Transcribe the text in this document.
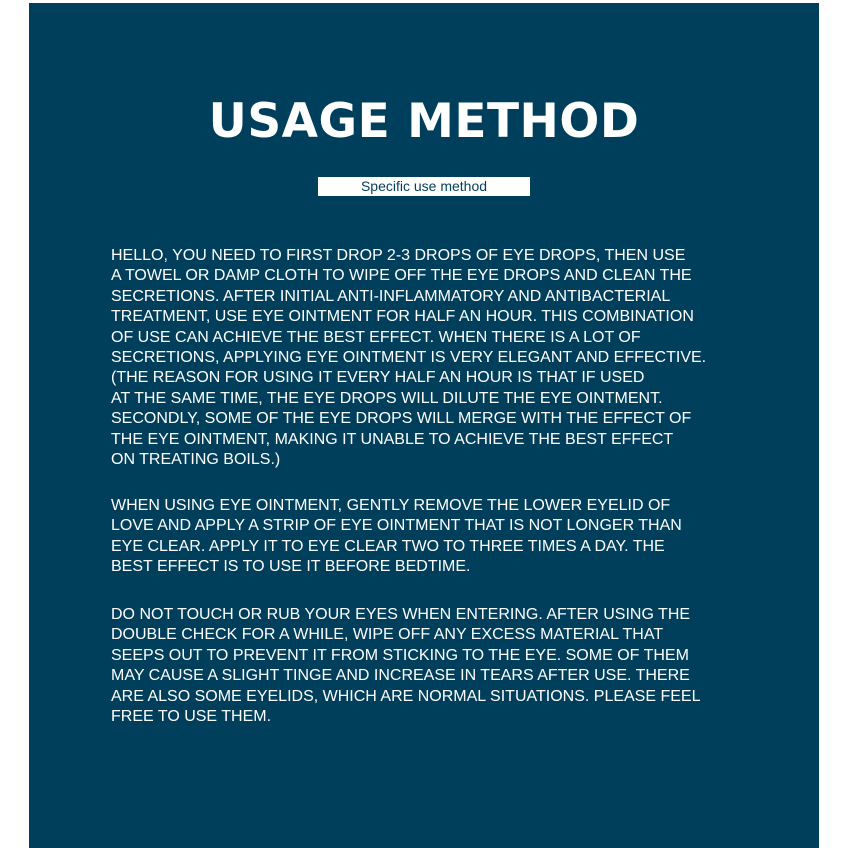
USAGE METHOD
Specific use method
HELLO, YOU NEED TO FIRST DROP 2-3 DROPS OF EYE DROPS, THEN USE
A TOWEL OR DAMP CLOTH TO WIPE OFF THE EYE DROPS AND CLEAN THE
SECRETIONS. AFTER INITIAL ANTI-INFLAMMATORY AND ANTIBACTERIAL
TREATMENT, USE EYE OINTMENT FOR HALF AN HOUR. THIS COMBINATION
OF USE CAN ACHIEVE THE BEST EFFECT. WHEN THERE IS A LOT OF
SECRETIONS, APPLYING EYE OINTMENT IS VERY ELEGANT AND EFFECTIVE.
(THE REASON FOR USING IT EVERY HALF AN HOUR IS THAT IF USED
AT THE SAME TIME, THE EYE DROPS WILL DILUTE THE EYE OINTMENT.
SECONDLY, SOME OF THE EYE DROPS WILL MERGE WITH THE EFFECT OF
THE EYE OINTMENT, MAKING IT UNABLE TO ACHIEVE THE BEST EFFECT
ON TREATING BOILS.)
WHEN USING EYE OINTMENT, GENTLY REMOVE THE LOWER EYELID OF
LOVE AND APPLY A STRIP OF EYE OINTMENT THAT IS NOT LONGER THAN
EYE CLEAR. APPLY IT TO EYE CLEAR TWO TO THREE TIMES A DAY. THE
BEST EFFECT IS TO USE IT BEFORE BEDTIME.
DO NOT TOUCH OR RUB YOUR EYES WHEN ENTERING. AFTER USING THE
DOUBLE CHECK FOR A WHILE, WIPE OFF ANY EXCESS MATERIAL THAT
SEEPS OUT TO PREVENT IT FROM STICKING TO THE EYE. SOME OF THEM
MAY CAUSE A SLIGHT TINGE AND INCREASE IN TEARS AFTER USE. THERE
ARE ALSO SOME EYELIDS, WHICH ARE NORMAL SITUATIONS. PLEASE FEEL
FREE TO USE THEM.
